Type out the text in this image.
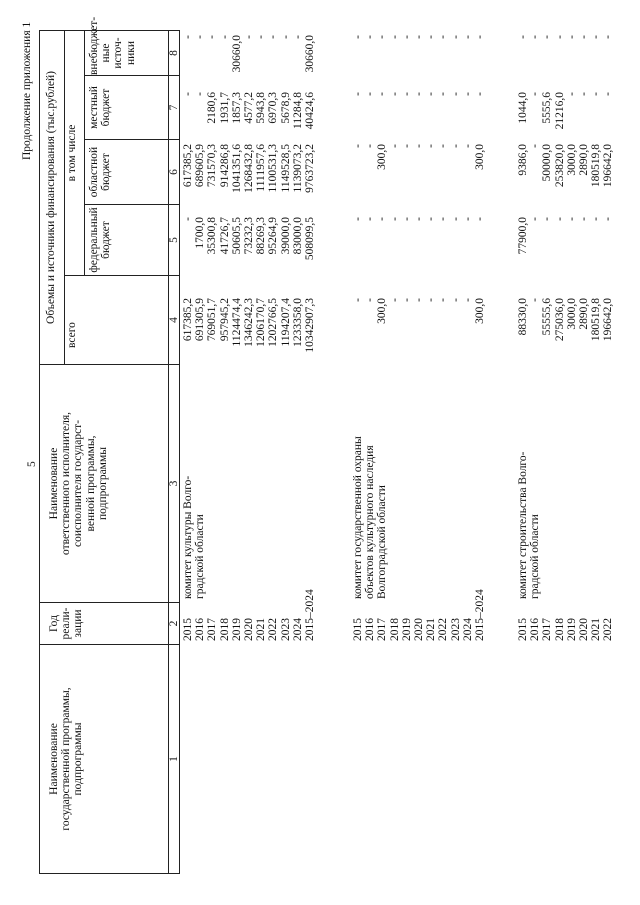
5
Продолжение приложения 1
Наименование государственной программы, подпрограммы
Год реали- зации
Наименование ответственного исполнителя, соисполнителя государст- венной программы, подпрограммы
Объемы и источники финансирования (тыс.рублей)
всего
в том числе
федеральный бюджет
областной бюджет
местный бюджет
внебюджет- ные источ- ники
1
2
3
4
5
6
7
8
комитет культуры Волго- градской области
2015 2016 2017 2018 2019 2020 2021 2022 2023 2024 2015–2024
617385,2 691305,9 769051,7 957945,2 1124474,4 1346242,3 1206170,7 1202766,5 1194207,4 1233358,0 10342907,3
- 1700,0 35300,8 41726,7 50605,5 73232,3 88269,3 95264,9 39000,0 83000,0 508099,5
617385,2 689605,9 731570,3 914286,8 1041351,6 1268432,8 1111957,6 1100531,3 1149528,5 1139073,2 9763723,2
- - 2180,6 1931,7 1857,3 4577,2 5943,8 6970,3 5678,9 11284,8 40424,6
- - - - 30660,0 - - - - - 30660,0
комитет государственной охраны объектов культурного наследия Волгоградской области
2015 2016 2017 2018 2019 2020 2021 2022 2023 2024 2015–2024
- - 300,0 - - - - - - - 300,0
- - - - - - - - - - -
- - 300,0 - - - - - - - 300,0
- - - - - - - - - - -
- - - - - - - - - - -
комитет строительства Волго- градской области
2015 2016 2017 2018 2019 2020 2021 2022
88330,0 - 55555,6 275036,0 3000,0 2890,0 180519,8 196642,0
77900,0 - - - - - - -
9386,0 - 50000,0 253820,0 3000,0 2890,0 180519,8 196642,0
1044,0 - 5555,6 21216,0 - - - -
- - - - - - - -
